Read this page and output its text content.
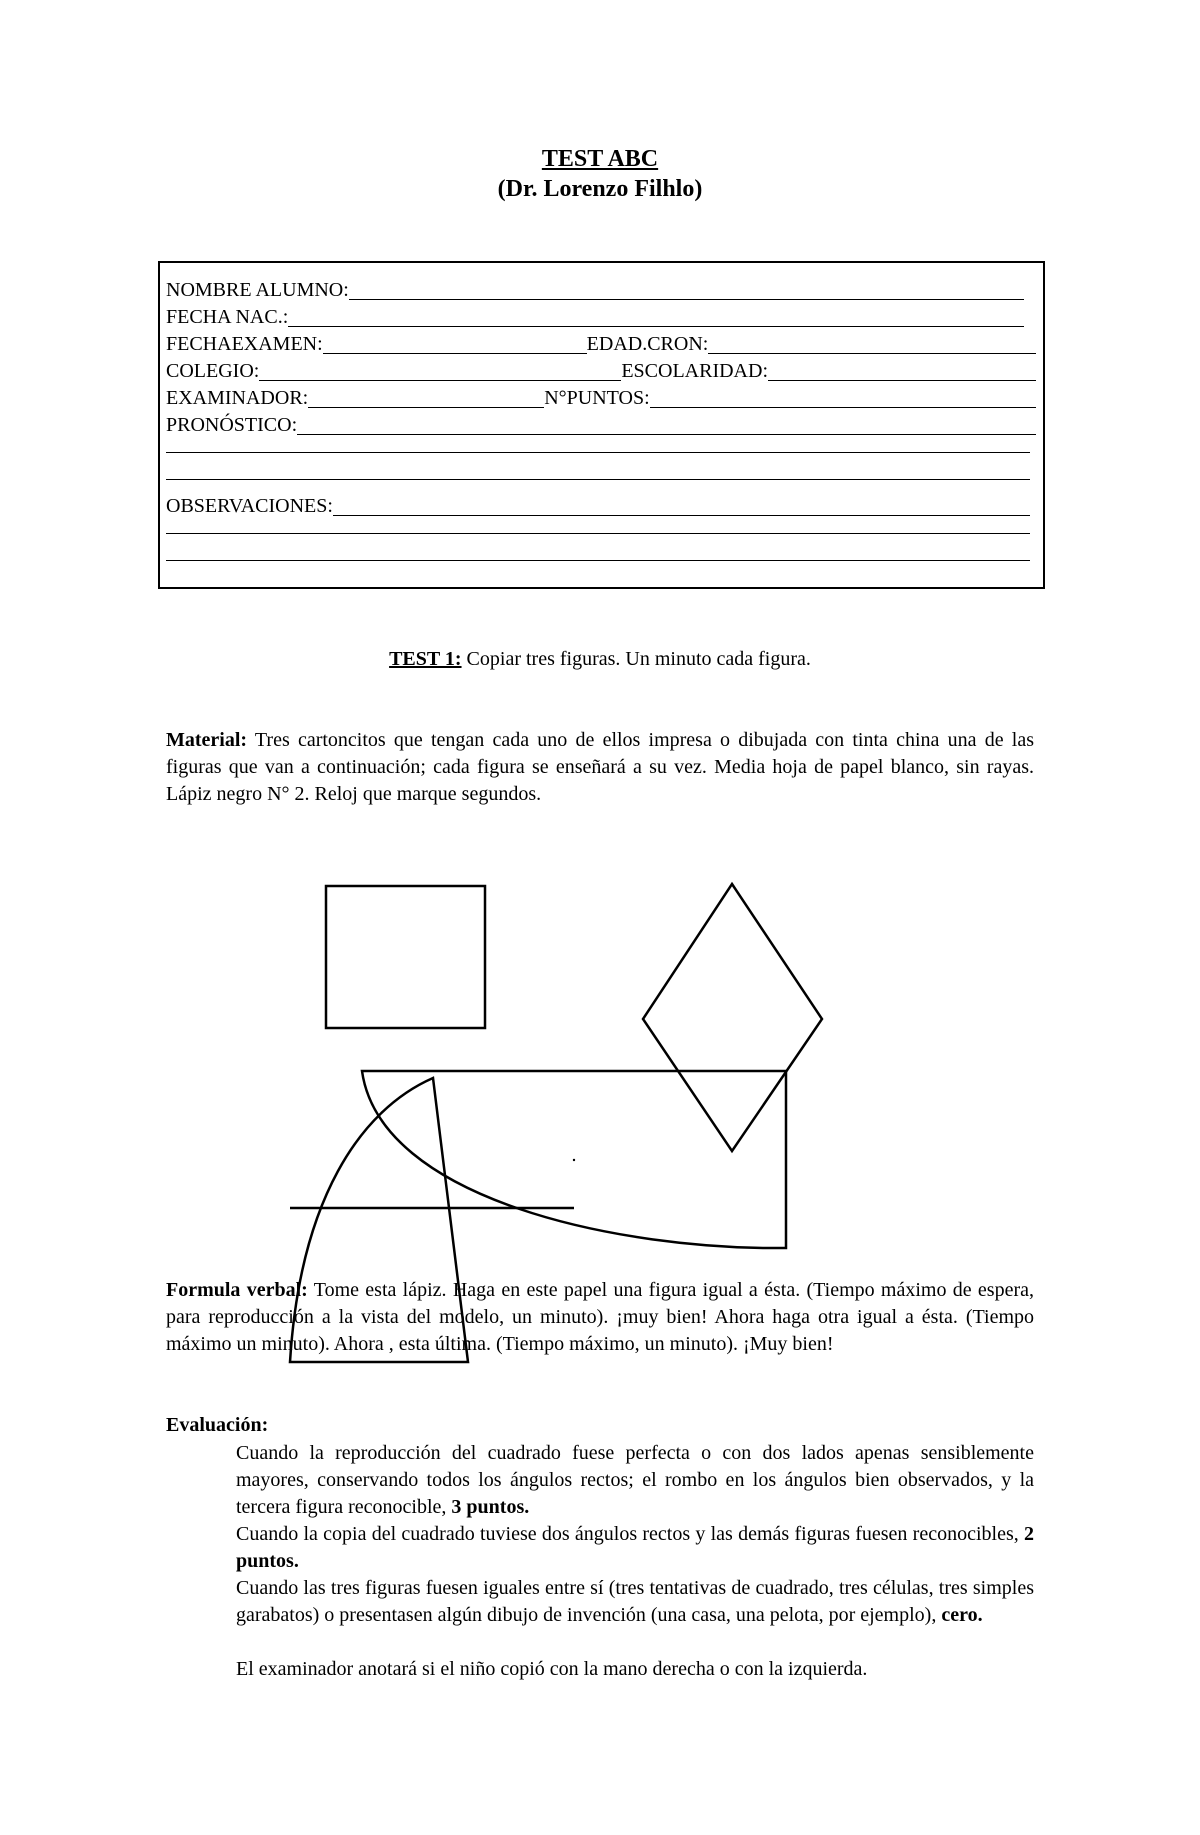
TEST ABC
(Dr. Lorenzo Filhlo)
NOMBRE ALUMNO:
FECHA NAC.:
FECHAEXAMEN:	EDAD.CRON:
COLEGIO:	ESCOLARIDAD:
EXAMINADOR:	N°PUNTOS:
PRONÓSTICO:
OBSERVACIONES:
TEST 1: Copiar tres figuras. Un minuto cada figura.
Material: Tres cartoncitos que tengan cada uno de ellos impresa o dibujada con tinta china una de las figuras que van a continuación; cada figura se enseñará a su vez. Media hoja de papel blanco, sin rayas. Lápiz negro N° 2. Reloj que marque segundos.
Formula verbal: Tome esta lápiz. Haga en este papel una figura igual a ésta. (Tiempo máximo de espera, para reproducción a la vista del modelo, un minuto). ¡muy bien! Ahora haga otra igual a ésta. (Tiempo máximo un minuto). Ahora , esta última. (Tiempo máximo, un minuto). ¡Muy bien!
Evaluación:
Cuando la reproducción del cuadrado fuese perfecta o con dos lados apenas sensiblemente mayores, conservando todos los ángulos rectos; el rombo en los ángulos bien observados, y la tercera figura reconocible, 3 puntos.
Cuando la copia del cuadrado tuviese dos ángulos rectos y las demás figuras fuesen reconocibles, 2 puntos.
Cuando las tres figuras fuesen iguales entre sí (tres tentativas de cuadrado, tres células, tres simples garabatos) o presentasen algún dibujo de invención (una casa, una pelota, por ejemplo), cero.
El examinador anotará si el niño copió con la mano derecha o con la izquierda.
